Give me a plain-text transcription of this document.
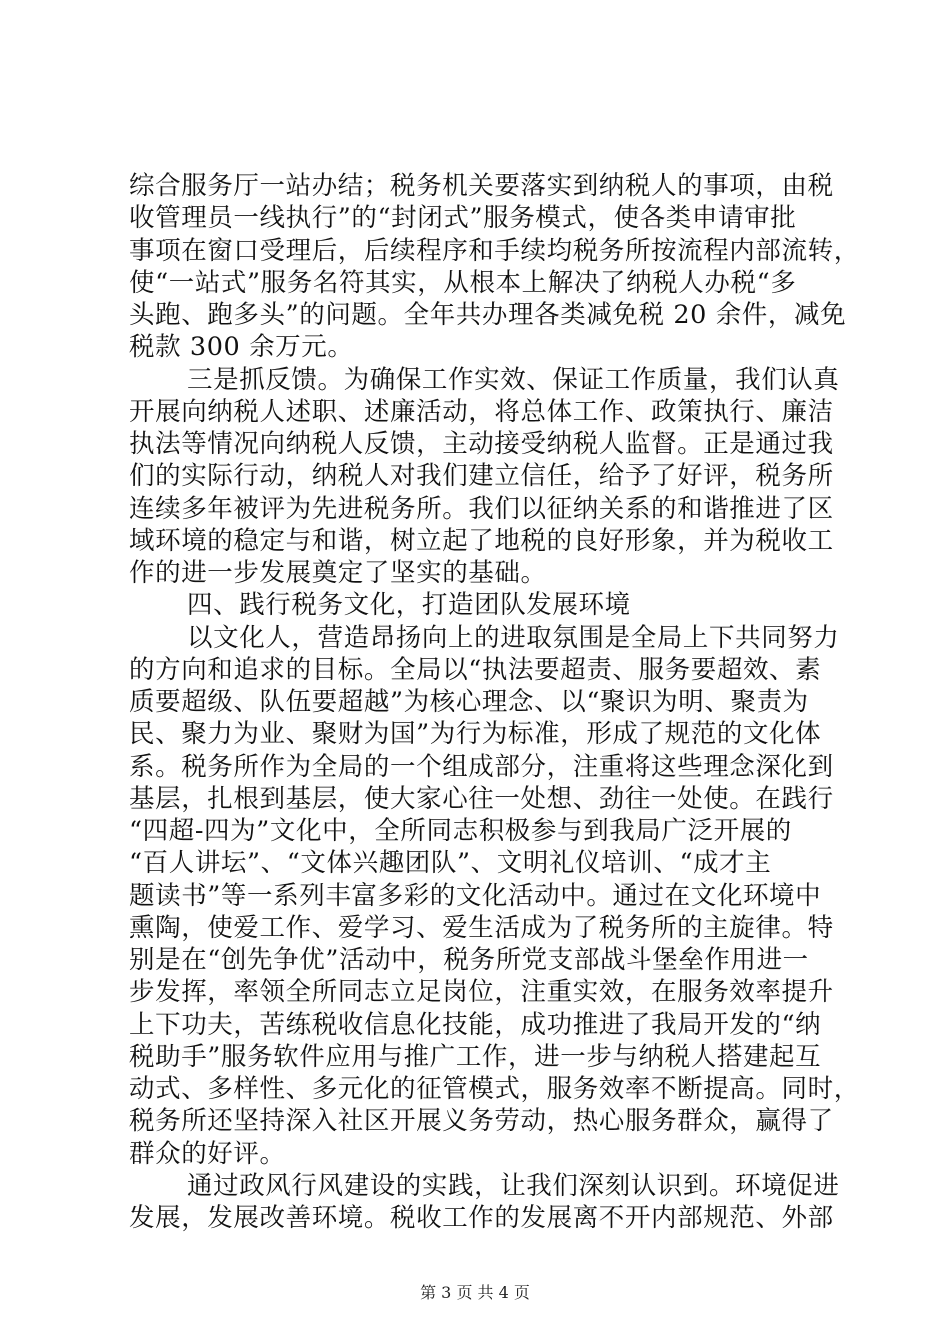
综合服务厅一站办结；税务机关要落实到纳税人的事项，由税
收管理员一线执行”的“封闭式”服务模式，使各类申请审批
事项在窗口受理后，后续程序和手续均税务所按流程内部流转，
使“一站式”服务名符其实，从根本上解决了纳税人办税“多
头跑、跑多头”的问题。全年共办理各类减免税 20 余件，减免
税款 300 余万元。

三是抓反馈。为确保工作实效、保证工作质量，我们认真
开展向纳税人述职、述廉活动，将总体工作、政策执行、廉洁
执法等情况向纳税人反馈，主动接受纳税人监督。正是通过我
们的实际行动，纳税人对我们建立信任，给予了好评，税务所
连续多年被评为先进税务所。我们以征纳关系的和谐推进了区
域环境的稳定与和谐，树立起了地税的良好形象，并为税收工
作的进一步发展奠定了坚实的基础。

四、践行税务文化，打造团队发展环境

以文化人，营造昂扬向上的进取氛围是全局上下共同努力
的方向和追求的目标。全局以“执法要超责、服务要超效、素
质要超级、队伍要超越”为核心理念、以“聚识为明、聚责为
民、聚力为业、聚财为国”为行为标准，形成了规范的文化体
系。税务所作为全局的一个组成部分，注重将这些理念深化到
基层，扎根到基层，使大家心往一处想、劲往一处使。在践行
“四超-四为”文化中，全所同志积极参与到我局广泛开展的
“百人讲坛”、“文体兴趣团队”、文明礼仪培训、“成才主
题读书”等一系列丰富多彩的文化活动中。通过在文化环境中
熏陶，使爱工作、爱学习、爱生活成为了税务所的主旋律。特
别是在“创先争优”活动中，税务所党支部战斗堡垒作用进一
步发挥，率领全所同志立足岗位，注重实效，在服务效率提升
上下功夫，苦练税收信息化技能，成功推进了我局开发的“纳
税助手”服务软件应用与推广工作，进一步与纳税人搭建起互
动式、多样性、多元化的征管模式，服务效率不断提高。同时，
税务所还坚持深入社区开展义务劳动，热心服务群众，赢得了
群众的好评。

通过政风行风建设的实践，让我们深刻认识到。环境促进
发展，发展改善环境。税收工作的发展离不开内部规范、外部

第 3 页 共 4 页
